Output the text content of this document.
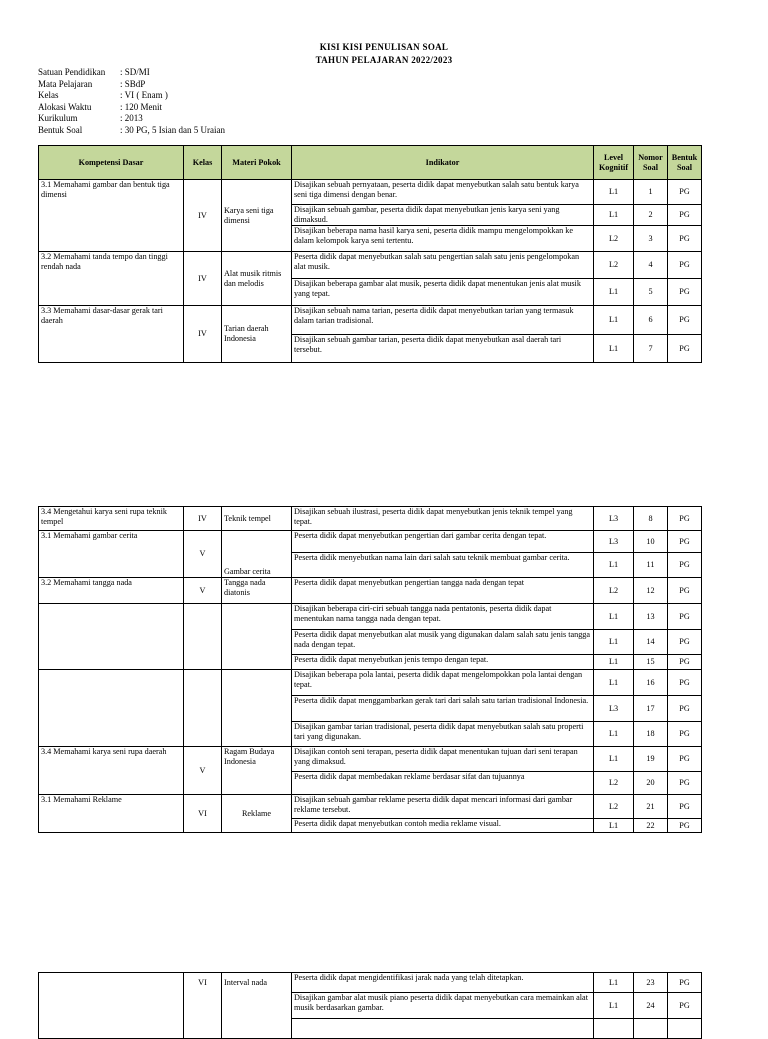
KISI KISI PENULISAN SOAL
TAHUN PELAJARAN 2022/2023
Satuan Pendidikan	: SD/MI
Mata Pelajaran	: SBdP
Kelas	: VI ( Enam )
Alokasi Waktu	: 120 Menit
Kurikulum	: 2013
Bentuk Soal	: 30 PG, 5 Isian dan 5 Uraian
Kompetensi Dasar	Kelas	Materi Pokok	Indikator	Level Kognitif	Nomor Soal	Bentuk Soal
3.1 Memahami gambar dan bentuk tiga dimensi	IV	Karya seni tiga dimensi	Disajikan sebuah pernyataan, peserta didik dapat menyebutkan salah satu bentuk karya seni tiga dimensi dengan benar.	L1	1	PG
			Disajikan sebuah gambar, peserta didik dapat menyebutkan jenis karya seni yang dimaksud.	L1	2	PG
			Disajikan beberapa nama hasil karya seni, peserta didik mampu mengelompokkan ke dalam kelompok karya seni tertentu.	L2	3	PG
3.2 Memahami tanda tempo dan tinggi rendah nada	IV	Alat musik ritmis dan melodis	Peserta didik dapat menyebutkan salah satu pengertian salah satu jenis pengelompokan alat musik.	L2	4	PG
			Disajikan beberapa gambar alat musik, peserta didik dapat menentukan jenis alat musik yang tepat.	L1	5	PG
3.3 Memahami dasar-dasar gerak tari daerah	IV	Tarian daerah Indonesia	Disajikan sebuah nama tarian, peserta didik dapat menyebutkan tarian yang termasuk dalam tarian tradisional.	L1	6	PG
			Disajikan sebuah gambar tarian, peserta didik dapat menyebutkan asal daerah tari tersebut.	L1	7	PG
3.4 Mengetahui karya seni rupa teknik tempel	IV	Teknik tempel	Disajikan sebuah ilustrasi, peserta didik dapat menyebutkan jenis teknik tempel yang tepat.	L3	8	PG
3.1 Memahami gambar cerita	V	Gambar cerita	Peserta didik dapat menyebutkan pengertian dari gambar cerita dengan tepat.	L3	10	PG
			Peserta didik menyebutkan nama lain dari salah satu teknik membuat gambar cerita.	L1	11	PG
3.2 Memahami tangga nada	V	Tangga nada diatonis	Peserta didik dapat menyebutkan pengertian tangga nada dengan tepat	L2	12	PG
			Disajikan beberapa ciri-ciri sebuah tangga nada pentatonis, peserta didik dapat menentukan nama tangga nada dengan tepat.	L1	13	PG
			Peserta didik dapat menyebutkan alat musik yang digunakan dalam salah satu jenis tangga nada dengan tepat.	L1	14	PG
			Peserta didik dapat menyebutkan jenis tempo dengan tepat.	L1	15	PG
			Disajikan beberapa pola lantai, peserta didik dapat mengelompokkan pola lantai dengan tepat.	L1	16	PG
			Peserta didik dapat menggambarkan gerak tari dari salah satu tarian tradisional Indonesia.	L3	17	PG
			Disajikan gambar tarian tradisional, peserta didik dapat menyebutkan salah satu properti tari yang digunakan.	L1	18	PG
3.4 Memahami karya seni rupa daerah	V	Ragam Budaya Indonesia	Disajikan contoh seni terapan, peserta didik dapat menentukan tujuan dari seni terapan yang dimaksud.	L1	19	PG
			Peserta didik dapat membedakan reklame berdasar sifat dan tujuannya	L2	20	PG
3.1 Memahami Reklame	VI	Reklame	Disajikan sebuah gambar reklame peserta didik dapat mencari informasi dari gambar reklame tersebut.	L2	21	PG
			Peserta didik dapat menyebutkan contoh media reklame visual.	L1	22	PG
	VI	Interval nada	Peserta didik dapat mengidentifikasi jarak nada yang telah ditetapkan.	L1	23	PG
			Disajikan gambar alat musik piano peserta didik dapat menyebutkan cara memainkan alat musik berdasarkan gambar.	L1	24	PG
